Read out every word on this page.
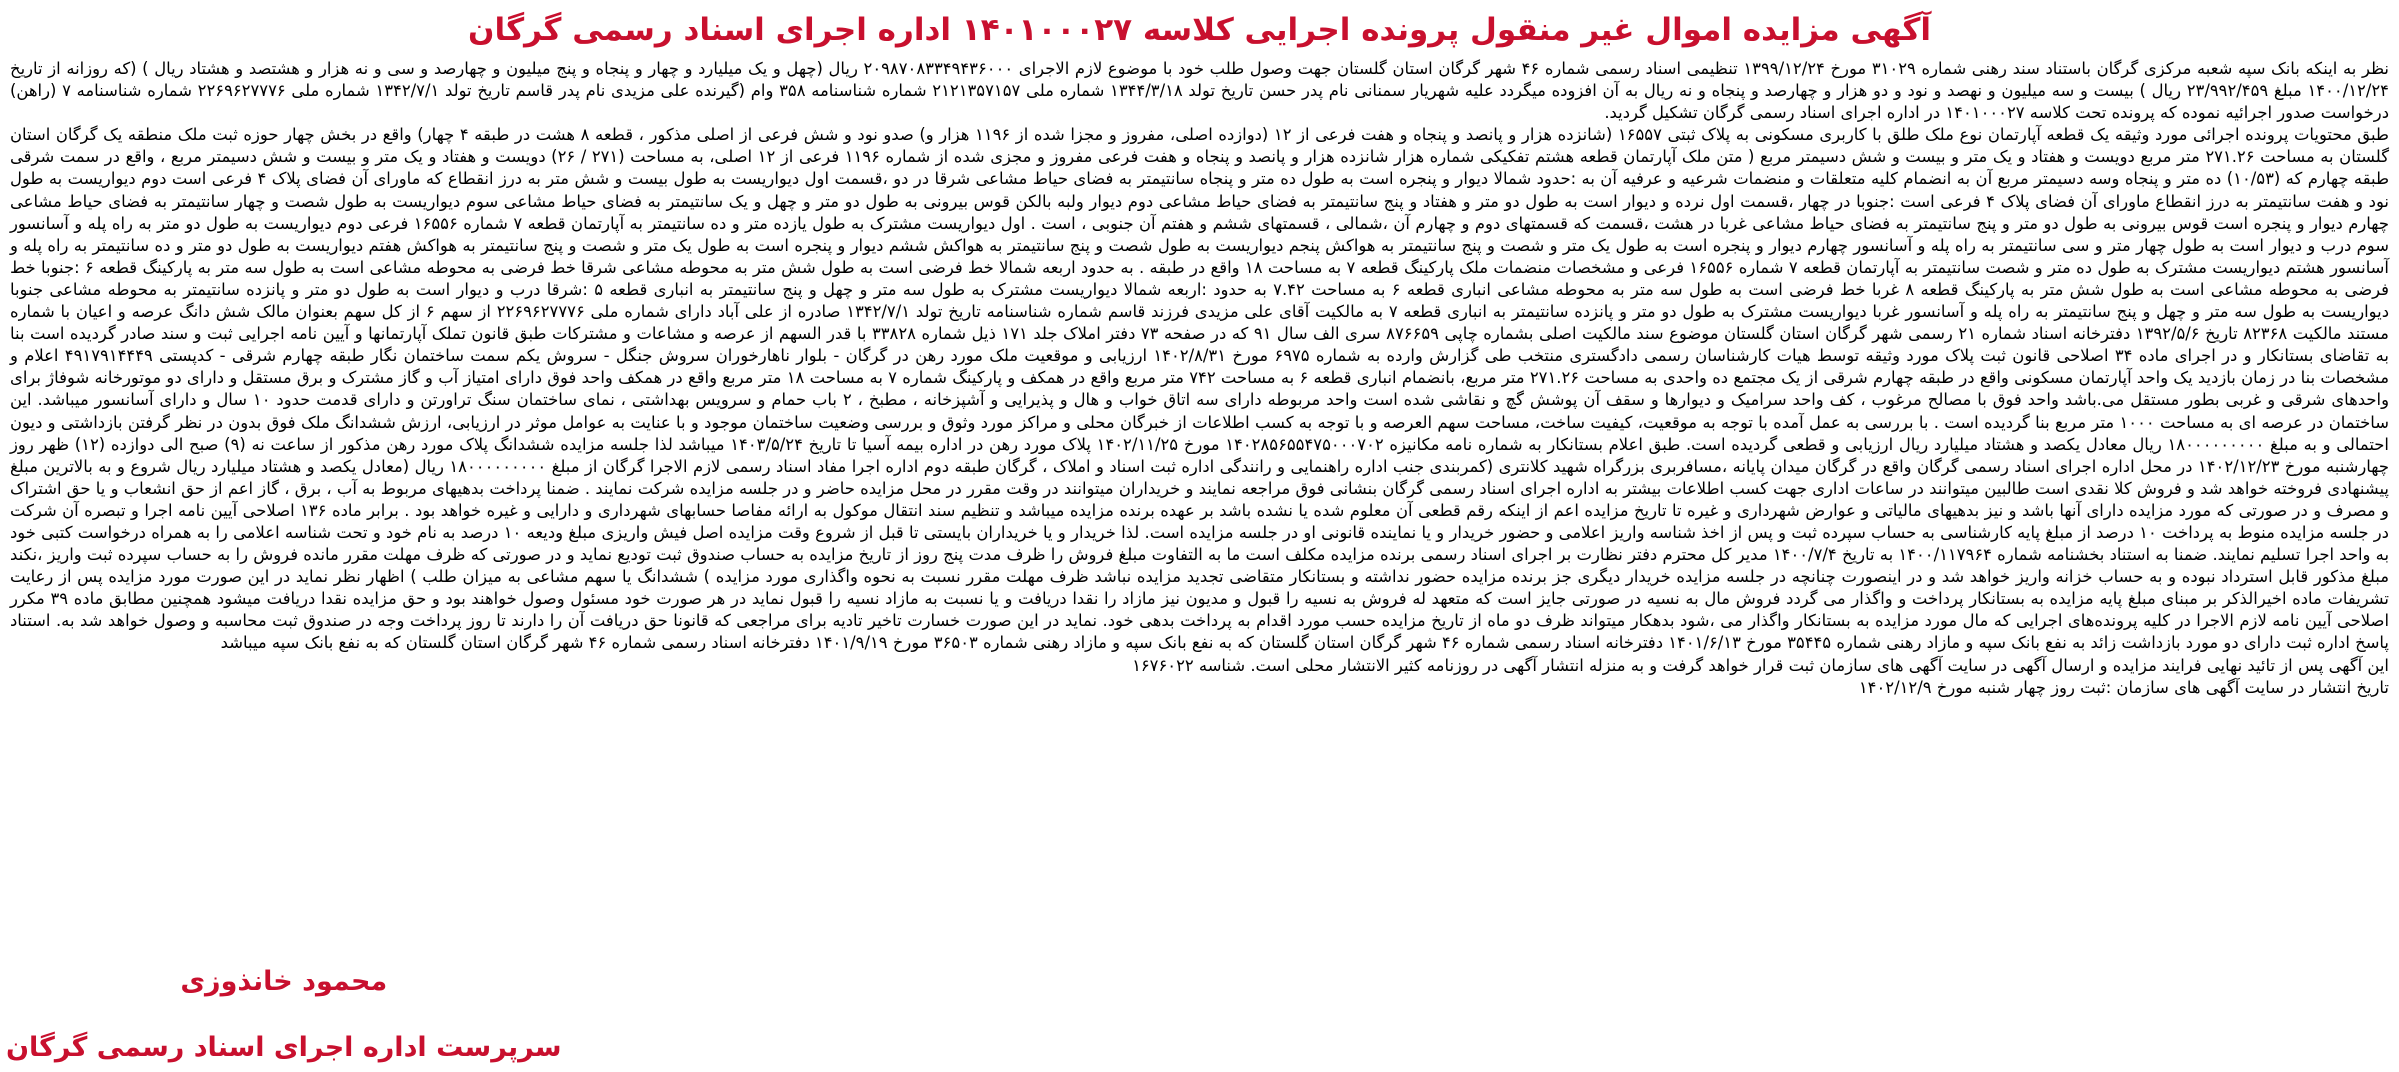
آگهی مزایده اموال غیر منقول پرونده اجرایی کلاسه ۱۴۰۱۰۰۰۲۷ اداره اجرای اسناد رسمی گرگان

نظر به اینکه بانک سپه شعبه مرکزی گرگان باستناد سند رهنی شماره ۳۱۰۲۹ مورخ ۱۳۹۹/۱۲/۲۴ تنظیمی اسناد رسمی شماره ۴۶ شهر گرگان استان گلستان جهت وصول طلب خود با موضوع لازم الاجرای ۲۰۹۸۷۰۸۳۳۴۹۴۳۶۰۰۰ ریال (چهل و یک میلیارد و چهار و پنجاه و پنج میلیون و چهارصد و سی و نه هزار و هشتصد و هشتاد ریال ) (که روزانه از تاریخ ۱۴۰۰/۱۲/۲۴ مبلغ ۲۳/۹۹۲/۴۵۹ ریال ) بیست و سه میلیون و نهصد و نود و دو هزار و چهارصد و پنجاه و نه ریال به آن افزوده میگردد علیه شهریار سمنانی نام پدر حسن تاریخ تولد ۱۳۴۴/۳/۱۸ شماره ملی ۲۱۲۱۳۵۷۱۵۷ شماره شناسنامه ۳۵۸ وام (گیرنده علی مزیدی نام پدر قاسم تاریخ تولد ۱۳۴۲/۷/۱ شماره ملی ۲۲۶۹۶۲۷۷۷۶ شماره شناسنامه ۷ (راهن) درخواست صدور اجرائیه نموده که پرونده تحت کلاسه ۱۴۰۱۰۰۰۲۷ در اداره اجرای اسناد رسمی گرگان تشکیل گردید.

طبق محتویات پرونده اجرائی مورد وثیقه یک قطعه آپارتمان نوع ملک طلق با کاربری مسکونی به پلاک ثبتی ۱۶۵۵۷ (شانزده هزار و پانصد و پنجاه و هفت فرعی از ۱۲ (دوازده اصلی، مفروز و مجزا شده از ۱۱۹۶ هزار و) صدو نود و شش فرعی از اصلی مذکور ، قطعه ۸ هشت در طبقه ۴ چهار) واقع در بخش چهار حوزه ثبت ملک منطقه یک گرگان استان گلستان به مساحت ۲۷۱.۲۶ متر مربع دویست و هفتاد و یک متر و بیست و شش دسیمتر مربع ( متن ملک آپارتمان قطعه هشتم تفکیکی شماره هزار شانزده هزار و پانصد و پنجاه و هفت فرعی مفروز و مجزی شده از شماره ۱۱۹۶ فرعی از ۱۲ اصلی، به مساحت (۲۷۱ / ۲۶) دویست و هفتاد و یک متر و بیست و شش دسیمتر مربع ، واقع در سمت شرقی طبقه چهارم که (۱۰/۵۳) ده متر و پنجاه وسه دسیمتر مربع آن به انضمام کلیه متعلقات و منضمات شرعیه و عرفیه آن به :حدود شمالا دیوار و پنجره است به طول ده متر و پنجاه سانتیمتر به فضای حیاط مشاعی شرقا در دو ،قسمت اول دیواریست به طول بیست و شش متر به درز انقطاع که ماورای آن فضای پلاک ۴ فرعی است دوم دیواریست به طول نود و هفت سانتیمتر به درز انقطاع ماورای آن فضای پلاک ۴ فرعی است :جنوبا در چهار ،قسمت اول نرده و دیوار است به طول دو متر و هفتاد و پنج سانتیمتر به فضای حیاط مشاعی دوم دیوار ولبه بالکن قوس بیرونی به طول دو متر و چهل و یک سانتیمتر به فضای حیاط مشاعی سوم دیواریست به طول شصت و چهار سانتیمتر به فضای حیاط مشاعی چهارم دیوار و پنجره است قوس بیرونی به طول دو متر و پنج سانتیمتر به فضای حیاط مشاعی غربا در هشت ،قسمت که قسمتهای دوم و چهارم آن ،شمالی ، قسمتهای ششم و هفتم آن جنوبی ، است . اول دیواریست مشترک به طول یازده متر و ده سانتیمتر به آپارتمان قطعه ۷ شماره ۱۶۵۵۶ فرعی دوم دیواریست به طول دو متر به راه پله و آسانسور سوم درب و دیوار است به طول چهار متر و سی سانتیمتر به راه پله و آسانسور چهارم دیوار و پنجره است به طول یک متر و شصت و پنج سانتیمتر به هواکش پنجم دیواریست به طول شصت و پنج سانتیمتر به هواکش ششم دیوار و پنجره است به طول یک متر و شصت و پنج سانتیمتر به هواکش هفتم دیواریست به طول دو متر و ده سانتیمتر به راه پله و آسانسور هشتم دیواریست مشترک به طول ده متر و شصت سانتیمتر به آپارتمان قطعه ۷ شماره ۱۶۵۵۶ فرعی و مشخصات منضمات ملک پارکینگ قطعه ۷ به مساحت ۱۸ واقع در طبقه . به حدود اربعه شمالا خط فرضی است به طول شش متر به محوطه مشاعی شرقا خط فرضی به محوطه مشاعی است به طول سه متر به پارکینگ قطعه ۶ :جنوبا خط فرضی به محوطه مشاعی است به طول شش متر به پارکینگ قطعه ۸ غربا خط فرضی است به طول سه متر به محوطه مشاعی انباری قطعه ۶ به مساحت ۷.۴۲ به حدود :اربعه شمالا دیواریست مشترک به طول سه متر و چهل و پنج سانتیمتر به انباری قطعه ۵ :شرقا درب و دیوار است به طول دو متر و پانزده سانتیمتر به محوطه مشاعی جنوبا دیواریست به طول سه متر و چهل و پنج سانتیمتر به راه پله و آسانسور غربا دیواریست مشترک به طول دو متر و پانزده سانتیمتر به انباری قطعه ۷ به مالکیت آقای علی مزیدی فرزند قاسم شماره شناسنامه تاریخ تولد ۱۳۴۲/۷/۱ صادره از علی آباد دارای شماره ملی ۲۲۶۹۶۲۷۷۷۶ از سهم ۶ از کل سهم بعنوان مالک شش دانگ عرصه و اعیان با شماره مستند مالکیت ۸۲۳۶۸ تاریخ ۱۳۹۲/۵/۶ دفترخانه اسناد شماره ۲۱ رسمی شهر گرگان استان گلستان موضوع سند مالکیت اصلی بشماره چاپی ۸۷۶۶۵۹ سری الف سال ۹۱ که در صفحه ۷۳ دفتر املاک جلد ۱۷۱ ذیل شماره ۳۳۸۲۸ با قدر السهم از عرصه و مشاعات و مشترکات طبق قانون تملک آپارتمانها و آیین نامه اجرایی ثبت و سند صادر گردیده است بنا به تقاضای بستانکار و در اجرای ماده ۳۴ اصلاحی قانون ثبت پلاک مورد وثیقه توسط هیات کارشناسان رسمی دادگستری منتخب طی گزارش وارده به شماره ۶۹۷۵ مورخ ۱۴۰۲/۸/۳۱ ارزیابی و موقعیت ملک مورد رهن در گرگان - بلوار ناهارخوران سروش جنگل - سروش یکم سمت ساختمان نگار طبقه چهارم شرقی - کدپستی ۴۹۱۷۹۱۴۴۴۹ اعلام و مشخصات بنا در زمان بازدید یک واحد آپارتمان مسکونی واقع در طبقه چهارم شرقی از یک مجتمع ده واحدی به مساحت ۲۷۱.۲۶ متر مربع، بانضمام انباری قطعه ۶ به مساحت ۷۴۲ متر مربع واقع در همکف و پارکینگ شماره ۷ به مساحت ۱۸ متر مربع واقع در همکف واحد فوق دارای امتیاز آب و گاز مشترک و برق مستقل و دارای دو موتورخانه شوفاژ برای واحدهای شرقی و غربی بطور مستقل می.باشد واحد فوق با مصالح مرغوب ، کف واحد سرامیک و دیوارها و سقف آن پوشش گچ و نقاشی شده است واحد مربوطه دارای سه اتاق خواب و هال و پذیرایی و آشپزخانه ، مطبخ ، ۲ باب حمام و سرویس بهداشتی ، نمای ساختمان سنگ تراورتن و دارای قدمت حدود ۱۰ سال و دارای آسانسور میباشد. این ساختمان در عرصه ای به مساحت ۱۰۰۰ متر مربع بنا گردیده است . با بررسی به عمل آمده با توجه به موقعیت، کیفیت ساخت، مساحت سهم العرصه و با توجه به کسب اطلاعات از خبرگان محلی و مراکز مورد وثوق و بررسی وضعیت ساختمان موجود و با عنایت به عوامل موثر در ارزیابی، ارزش ششدانگ ملک فوق بدون در نظر گرفتن بازداشتی و دیون احتمالی و به مبلغ ۱۸۰۰۰۰۰۰۰۰۰ ریال معادل یکصد و هشتاد میلیارد ریال ارزیابی و قطعی گردیده است. طبق اعلام بستانکار به شماره نامه مکانیزه ۱۴۰۲۸۵۶۵۵۴۷۵۰۰۰۷۰۲ مورخ ۱۴۰۲/۱۱/۲۵ پلاک مورد رهن در اداره بیمه آسیا تا تاریخ ۱۴۰۳/۵/۲۴ میباشد لذا جلسه مزایده ششدانگ پلاک مورد رهن مذکور از ساعت نه (۹) صبح الی دوازده (۱۲) ظهر روز چهارشنبه مورخ ۱۴۰۲/۱۲/۲۳ در محل اداره اجرای اسناد رسمی گرگان واقع در گرگان میدان پایانه ،مسافربری بزرگراه شهید کلانتری (کمربندی جنب اداره راهنمایی و رانندگی اداره ثبت اسناد و املاک ، گرگان طبقه دوم اداره اجرا مفاد اسناد رسمی لازم الاجرا گرگان از مبلغ ۱۸۰۰۰۰۰۰۰۰۰ ریال (معادل یکصد و هشتاد میلیارد ریال شروع و به بالاترین مبلغ پیشنهادی فروخته خواهد شد و فروش کلا نقدی است طالبین میتوانند در ساعات اداری جهت کسب اطلاعات بیشتر به اداره اجرای اسناد رسمی گرگان بنشانی فوق مراجعه نمایند و خریداران میتوانند در وقت مقرر در محل مزایده حاضر و در جلسه مزایده شرکت نمایند . ضمنا پرداخت بدهیهای مربوط به آب ، برق ، گاز اعم از حق انشعاب و یا حق اشتراک و مصرف و در صورتی که مورد مزایده دارای آنها باشد و نیز بدهیهای مالیاتی و عوارض شهرداری و غیره تا تاریخ مزایده اعم از اینکه رقم قطعی آن معلوم شده یا نشده باشد بر عهده برنده مزایده میباشد و تنظیم سند انتقال موکول به ارائه مفاصا حسابهای شهرداری و دارایی و غیره خواهد بود . برابر ماده ۱۳۶ اصلاحی آیین نامه اجرا و تبصره آن شرکت در جلسه مزایده منوط به پرداخت ۱۰ درصد از مبلغ پایه کارشناسی به حساب سپرده ثبت و پس از اخذ شناسه واریز اعلامی و حضور خریدار و یا نماینده قانونی او در جلسه مزایده است. لذا خریدار و یا خریداران بایستی تا قبل از شروع وقت مزایده اصل فیش واریزی مبلغ ودیعه ۱۰ درصد به نام خود و تحت شناسه اعلامی را به همراه درخواست کتبی خود به واحد اجرا تسلیم نمایند. ضمنا به استناد بخشنامه شماره ۱۴۰۰/۱۱۷۹۶۴ به تاریخ ۱۴۰۰/۷/۴ مدیر کل محترم دفتر نظارت بر اجرای اسناد رسمی برنده مزایده مکلف است ما به التفاوت مبلغ فروش را ظرف مدت پنج روز از تاریخ مزایده به حساب صندوق ثبت تودیع نماید و در صورتی که ظرف مهلت مقرر مانده فروش را به حساب سپرده ثبت واریز ،نکند مبلغ مذکور قابل استرداد نبوده و به حساب خزانه واریز خواهد شد و در اینصورت چنانچه در جلسه مزایده خریدار دیگری جز برنده مزایده حضور نداشته و بستانکار متقاضی تجدید مزایده نباشد ظرف مهلت مقرر نسبت به نحوه واگذاری مورد مزایده ) ششدانگ یا سهم مشاعی به میزان طلب ) اظهار نظر نماید در این صورت مورد مزایده پس از رعایت تشریفات ماده اخیرالذکر بر مبنای مبلغ پایه مزایده به بستانکار پرداخت و واگذار می گردد فروش مال به نسیه در صورتی جایز است که متعهد له فروش به نسیه را قبول و مدیون نیز مازاد را نقدا دریافت و یا نسبت به مازاد نسیه را قبول نماید در هر صورت خود مسئول وصول خواهند بود و حق مزایده نقدا دریافت میشود همچنین مطابق ماده ۳۹ مکرر اصلاحی آیین نامه لازم الاجرا در کلیه پرونده‌های اجرایی که مال مورد مزایده به بستانکار واگذار می ،شود بدهکار میتواند ظرف دو ماه از تاریخ مزایده حسب مورد اقدام به پرداخت بدهی خود. نماید در این صورت خسارت تاخیر تادیه برای مراجعی که قانونا حق دریافت آن را دارند تا روز پرداخت وجه در صندوق ثبت محاسبه و وصول خواهد شد به. استناد پاسخ اداره ثبت دارای دو مورد بازداشت زائد به نفع بانک سپه و مازاد رهنی شماره ۳۵۴۴۵ مورخ ۱۴۰۱/۶/۱۳ دفترخانه اسناد رسمی شماره ۴۶ شهر گرگان استان گلستان که به نفع بانک سپه و مازاد رهنی شماره ۳۶۵۰۳ مورخ ۱۴۰۱/۹/۱۹ دفترخانه اسناد رسمی شماره ۴۶ شهر گرگان استان گلستان که به نفع بانک سپه میباشد

این آگهی پس از تائید نهایی فرایند مزایده و ارسال آگهی در سایت آگهی های سازمان ثبت قرار خواهد گرفت و به منزله انتشار آگهی در روزنامه کثیر الانتشار محلی است. شناسه ۱۶۷۶۰۲۲

تاریخ انتشار در سایت آگهی های سازمان :ثبت روز چهار شنبه مورخ ۱۴۰۲/۱۲/۹

محمود خانذوزی
سرپرست اداره اجرای اسناد رسمی گرگان
